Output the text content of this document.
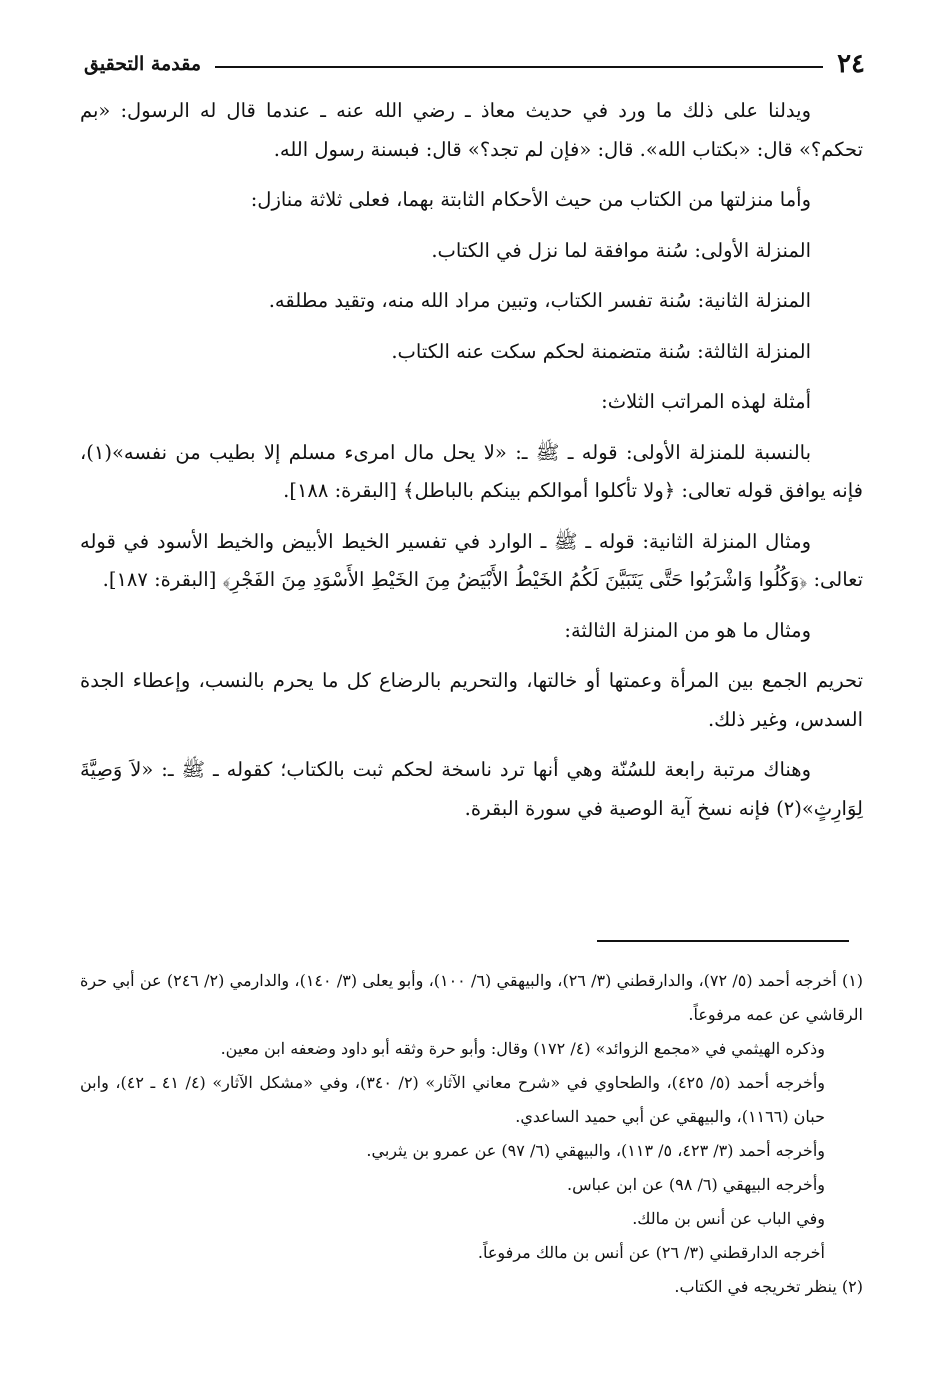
٢٤
مقدمة التحقيق

ويدلنا على ذلك ما ورد في حديث معاذ ـ رضي الله عنه ـ عندما قال له الرسول: «بم تحكم؟» قال: «بكتاب الله». قال: «فإن لم تجد؟» قال: فبسنة رسول الله.

وأما منزلتها من الكتاب من حيث الأحكام الثابتة بهما، فعلى ثلاثة منازل:

المنزلة الأولى: سُنة موافقة لما نزل في الكتاب.

المنزلة الثانية: سُنة تفسر الكتاب، وتبين مراد الله منه، وتقيد مطلقه.

المنزلة الثالثة: سُنة متضمنة لحكم سكت عنه الكتاب.

أمثلة لهذه المراتب الثلاث:

بالنسبة للمنزلة الأولى: قوله ـ ﷺ ـ: «لا يحل مال امرىء مسلم إلا بطيب من نفسه»(١)، فإنه يوافق قوله تعالى: ﴿ولا تأكلوا أموالكم بينكم بالباطل﴾ [البقرة: ١٨٨].

ومثال المنزلة الثانية: قوله ـ ﷺ ـ الوارد في تفسير الخيط الأبيض والخيط الأسود في قوله تعالى: ﴿وَكُلُوا وَاشْرَبُوا حَتَّى يَتَبَيَّنَ لَكُمُ الخَيْطُ الأَبْيَضُ مِنَ الخَيْطِ الأَسْوَدِ مِنَ الفَجْرِ﴾ [البقرة: ١٨٧].

ومثال ما هو من المنزلة الثالثة:

تحريم الجمع بين المرأة وعمتها أو خالتها، والتحريم بالرضاع كل ما يحرم بالنسب، وإعطاء الجدة السدس، وغير ذلك.

وهناك مرتبة رابعة للسُنّة وهي أنها ترد ناسخة لحكم ثبت بالكتاب؛ كقوله ـ ﷺ ـ: «لاَ وَصِيَّةَ لِوَارِثٍ»(٢) فإنه نسخ آية الوصية في سورة البقرة.

(١) أخرجه أحمد (٥/ ٧٢)، والدارقطني (٣/ ٢٦)، والبيهقي (٦/ ١٠٠)، وأبو يعلى (٣/ ١٤٠)، والدارمي (٢/ ٢٤٦) عن أبي حرة الرقاشي عن عمه مرفوعاً.

وذكره الهيثمي في «مجمع الزوائد» (٤/ ١٧٢) وقال: وأبو حرة وثقه أبو داود وضعفه ابن معين.

وأخرجه أحمد (٥/ ٤٢٥)، والطحاوي في «شرح معاني الآثار» (٢/ ٣٤٠)، وفي «مشكل الآثار» (٤/ ٤١ ـ ٤٢)، وابن حبان (١١٦٦)، والبيهقي عن أبي حميد الساعدي.

وأخرجه أحمد (٣/ ٤٢٣، ٥/ ١١٣)، والبيهقي (٦/ ٩٧) عن عمرو بن يثربي.

وأخرجه البيهقي (٦/ ٩٨) عن ابن عباس.

وفي الباب عن أنس بن مالك.

أخرجه الدارقطني (٣/ ٢٦) عن أنس بن مالك مرفوعاً.

(٢) ينظر تخريجه في الكتاب.
